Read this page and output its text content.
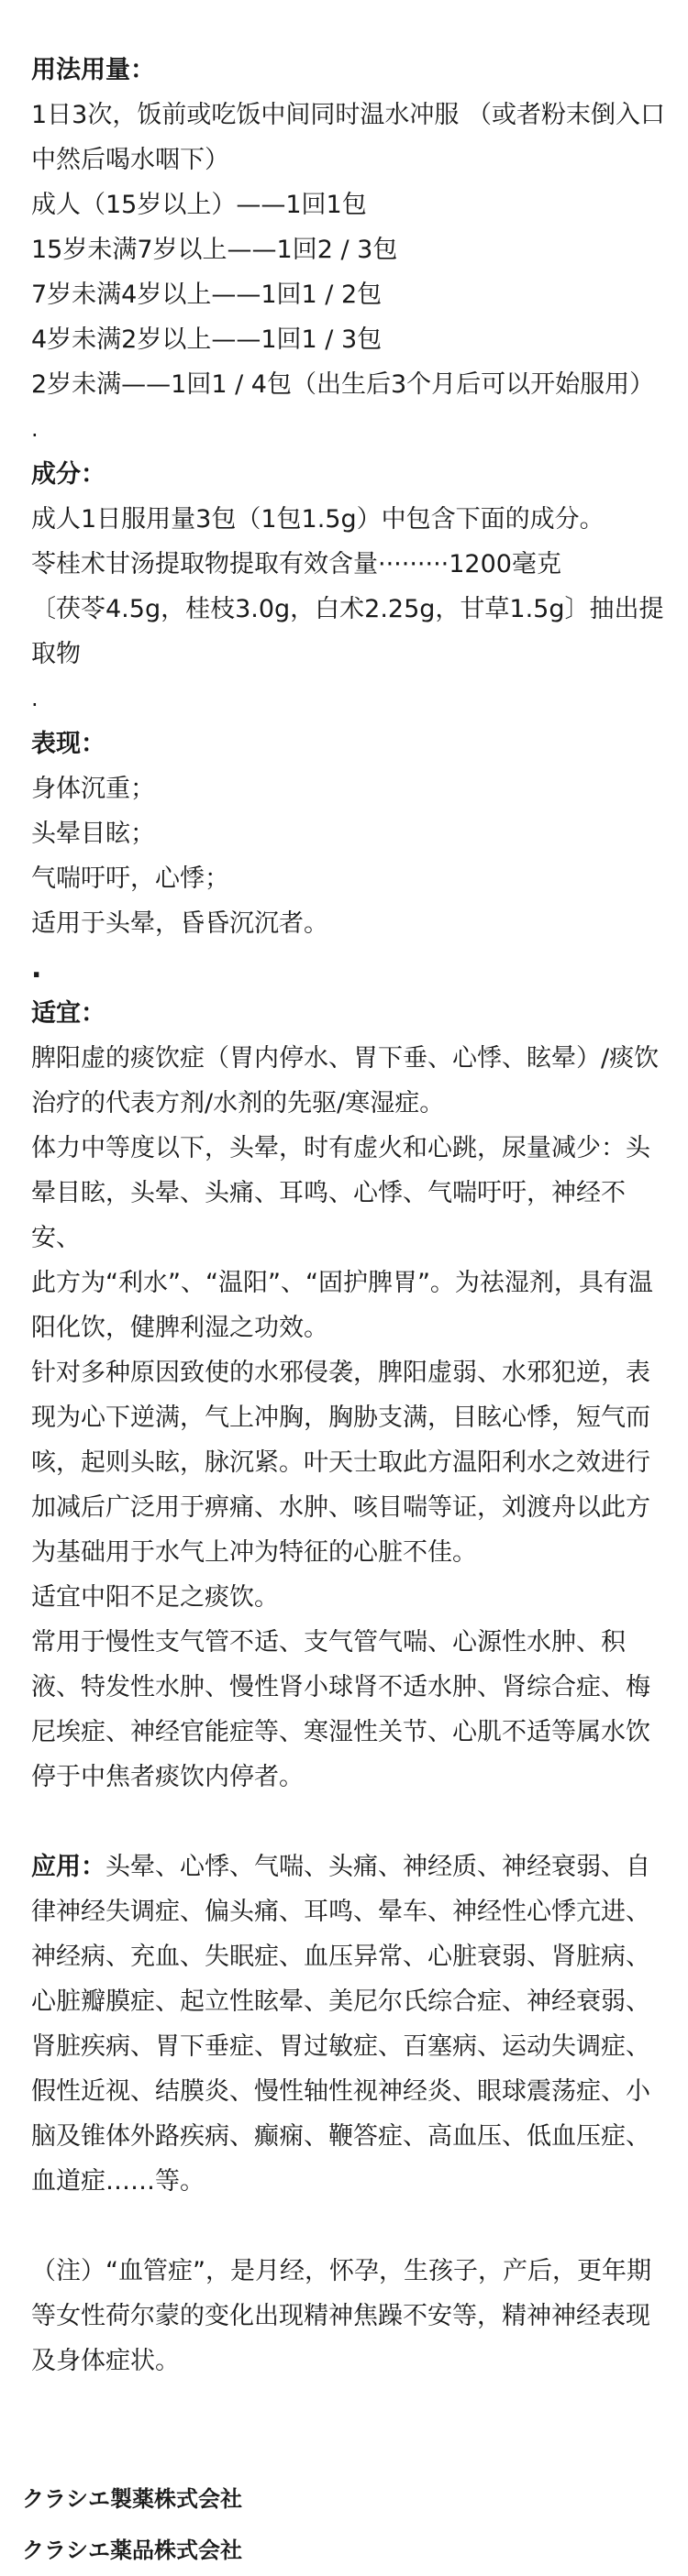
用法用量：

1日3次，饭前或吃饭中间同时温水冲服 （或者粉末倒入口中然后喝水咽下）

成人（15岁以上）——1回1包

15岁未满7岁以上——1回2 / 3包

7岁未满4岁以上——1回1 / 2包

4岁未满2岁以上——1回1 / 3包

2岁未满——1回1 / 4包（出生后3个月后可以开始服用）

.

成分：

成人1日服用量3包（1包1.5g）中包含下面的成分。

苓桂术甘汤提取物提取有效含量·········1200毫克

〔茯苓4.5g，桂枝3.0g，白术2.25g，甘草1.5g〕抽出提取物

.

表现：

身体沉重；

头晕目眩；

气喘吁吁，心悸；

适用于头晕，昏昏沉沉者。

.

适宜：

脾阳虚的痰饮症（胃内停水、胃下垂、心悸、眩晕）/痰饮治疗的代表方剂/水剂的先驱/寒湿症。

体力中等度以下，头晕，时有虚火和心跳，尿量减少：头晕目眩，头晕、头痛、耳鸣、心悸、气喘吁吁，神经不安、

此方为“利水”、“温阳”、“固护脾胃”。为祛湿剂，具有温阳化饮，健脾利湿之功效。

针对多种原因致使的水邪侵袭，脾阳虚弱、水邪犯逆，表现为心下逆满，气上冲胸，胸胁支满，目眩心悸，短气而咳，起则头眩，脉沉紧。叶天士取此方温阳利水之效进行加减后广泛用于痹痛、水肿、咳目喘等证，刘渡舟以此方为基础用于水气上冲为特征的心脏不佳。

适宜中阳不足之痰饮。

常用于慢性支气管不适、支气管气喘、心源性水肿、积液、特发性水肿、慢性肾小球肾不适水肿、肾综合症、梅尼埃症、神经官能症等、寒湿性关节、心肌不适等属水饮停于中焦者痰饮内停者。

应用：头晕、心悸、气喘、头痛、神经质、神经衰弱、自律神经失调症、偏头痛、耳鸣、晕车、神经性心悸亢进、神经病、充血、失眠症、血压异常、心脏衰弱、肾脏病、心脏瓣膜症、起立性眩晕、美尼尔氏综合症、神经衰弱、肾脏疾病、胃下垂症、胃过敏症、百塞病、运动失调症、假性近视、结膜炎、慢性轴性视神经炎、眼球震荡症、小脑及锥体外路疾病、癫痫、鞭答症、高血压、低血压症、血道症……等。

（注）“血管症”，是月经，怀孕，生孩子，产后，更年期等女性荷尔蒙的变化出现精神焦躁不安等，精神神经表现及身体症状。

クラシエ製薬株式会社

クラシエ薬品株式会社
